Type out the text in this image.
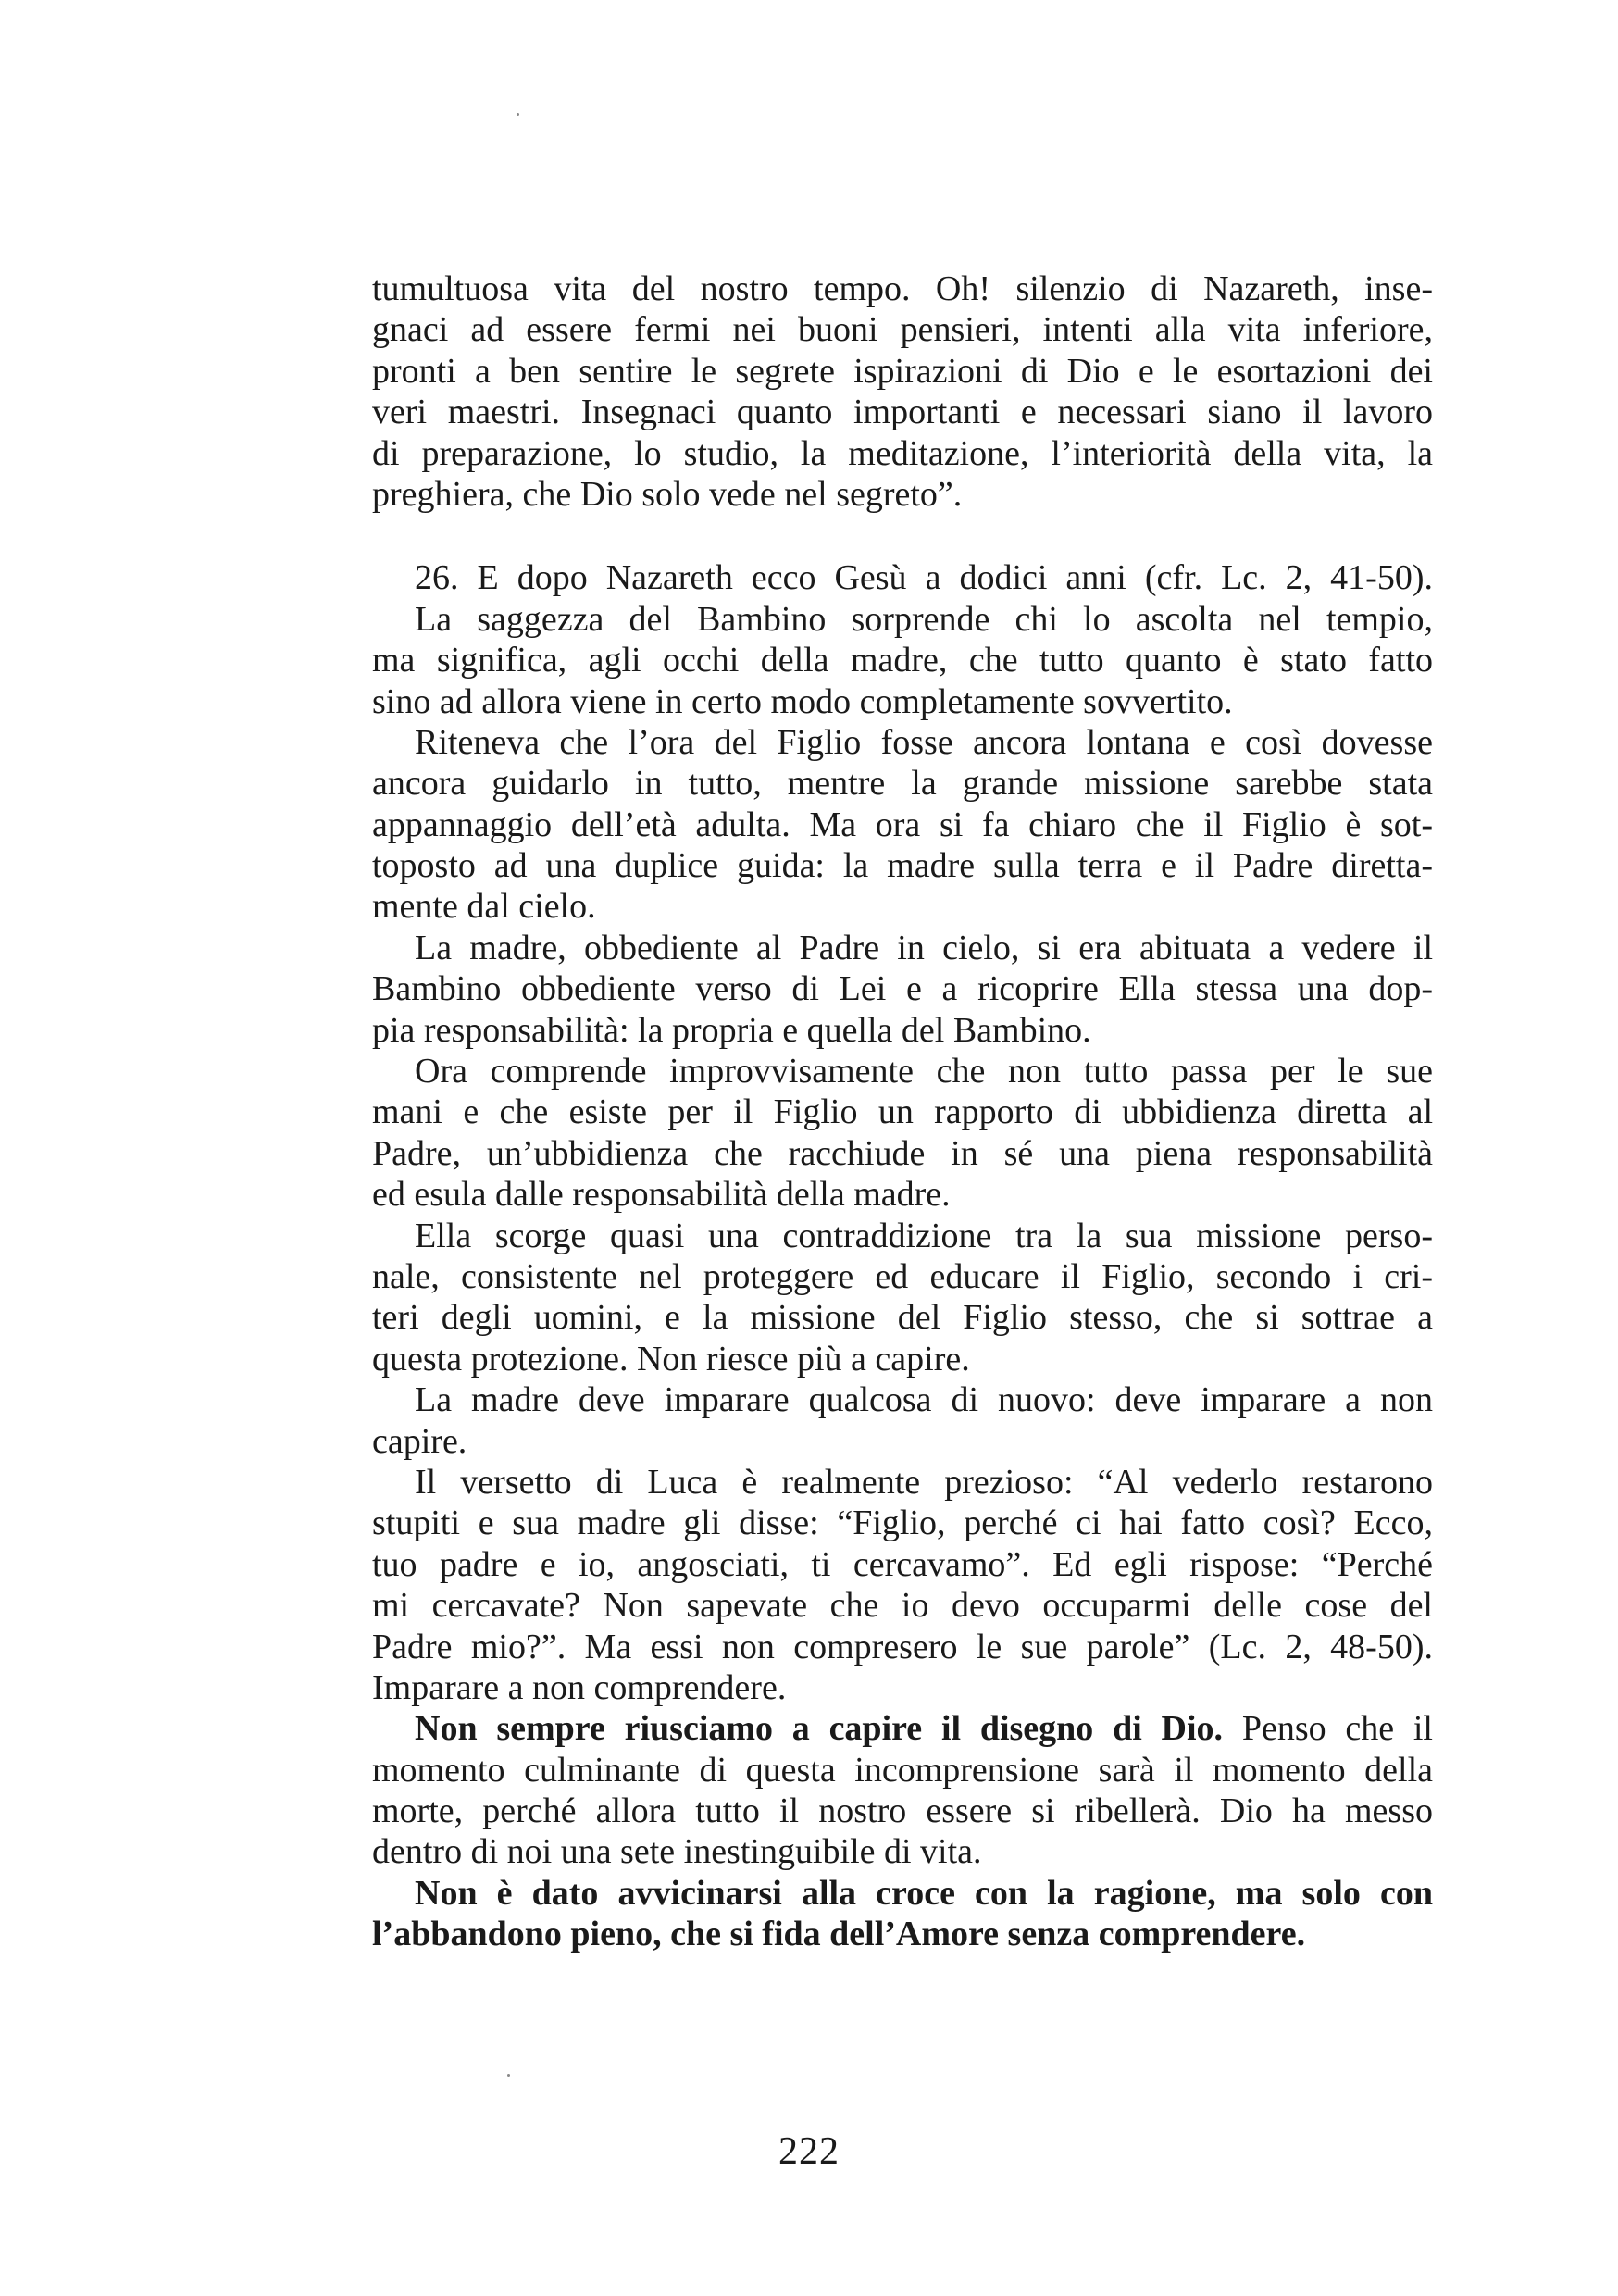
tumultuosa vita del nostro tempo. Oh! silenzio di Nazareth, inse-
gnaci ad essere fermi nei buoni pensieri, intenti alla vita inferiore,
pronti a ben sentire le segrete ispirazioni di Dio e le esortazioni dei
veri maestri. Insegnaci quanto importanti e necessari siano il lavoro
di preparazione, lo studio, la meditazione, l’interiorità della vita, la
preghiera, che Dio solo vede nel segreto”.
26. E dopo Nazareth ecco Gesù a dodici anni (cfr. Lc. 2, 41-50).
La saggezza del Bambino sorprende chi lo ascolta nel tempio,
ma significa, agli occhi della madre, che tutto quanto è stato fatto
sino ad allora viene in certo modo completamente sovvertito.
Riteneva che l’ora del Figlio fosse ancora lontana e così dovesse
ancora guidarlo in tutto, mentre la grande missione sarebbe stata
appannaggio dell’età adulta. Ma ora si fa chiaro che il Figlio è sot-
toposto ad una duplice guida: la madre sulla terra e il Padre diretta-
mente dal cielo.
La madre, obbediente al Padre in cielo, si era abituata a vedere il
Bambino obbediente verso di Lei e a ricoprire Ella stessa una dop-
pia responsabilità: la propria e quella del Bambino.
Ora comprende improvvisamente che non tutto passa per le sue
mani e che esiste per il Figlio un rapporto di ubbidienza diretta al
Padre, un’ubbidienza che racchiude in sé una piena responsabilità
ed esula dalle responsabilità della madre.
Ella scorge quasi una contraddizione tra la sua missione perso-
nale, consistente nel proteggere ed educare il Figlio, secondo i cri-
teri degli uomini, e la missione del Figlio stesso, che si sottrae a
questa protezione. Non riesce più a capire.
La madre deve imparare qualcosa di nuovo: deve imparare a non
capire.
Il versetto di Luca è realmente prezioso: “Al vederlo restarono
stupiti e sua madre gli disse: “Figlio, perché ci hai fatto così? Ecco,
tuo padre e io, angosciati, ti cercavamo”. Ed egli rispose: “Perché
mi cercavate? Non sapevate che io devo occuparmi delle cose del
Padre mio?”. Ma essi non compresero le sue parole” (Lc. 2, 48-50).
Imparare a non comprendere.
Non sempre riusciamo a capire il disegno di Dio. Penso che il
momento culminante di questa incomprensione sarà il momento della
morte, perché allora tutto il nostro essere si ribellerà. Dio ha messo
dentro di noi una sete inestinguibile di vita.
Non è dato avvicinarsi alla croce con la ragione, ma solo con
l’abbandono pieno, che si fida dell’Amore senza comprendere.
222
